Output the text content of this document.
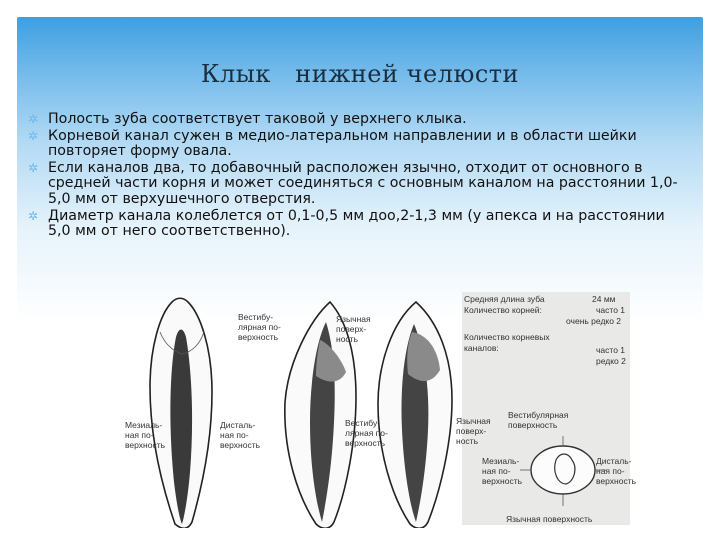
Клык   нижней челюсти
✲ Полость зуба соответствует таковой у верхнего клыка.
✲ Корневой канал сужен в медио-латеральном направлении и в области шейки повторяет форму овала.
✲ Если каналов два, то добавочный расположен язычно, отходит от основного в средней части корня и может соединяться с основным каналом на расстоянии 1,0-5,0 мм от верхушечного отверстия.
✲ Диаметр канала колеблется от 0,1-0,5 мм доо,2-1,3 мм (у апекса и на расстоянии 5,0 мм от него соответственно).
Вестибу-
лярная по-
верхность
Язычная
поверх-
ность
Мезиаль-
ная по-
верхность
Дисталь-
ная по-
верхность
Вестибу-
лярная по-
верхность
Язычная
поверх-
ность
Вестибулярная
поверхность
Мезиаль-
ная по-
верхность
Дисталь-
ная по-
верхность
Язычная поверхность
Средняя длина зуба	24 мм
Количество корней:	часто 1
очень редко 2
Количество корневых
каналов:	часто 1
редко 2
